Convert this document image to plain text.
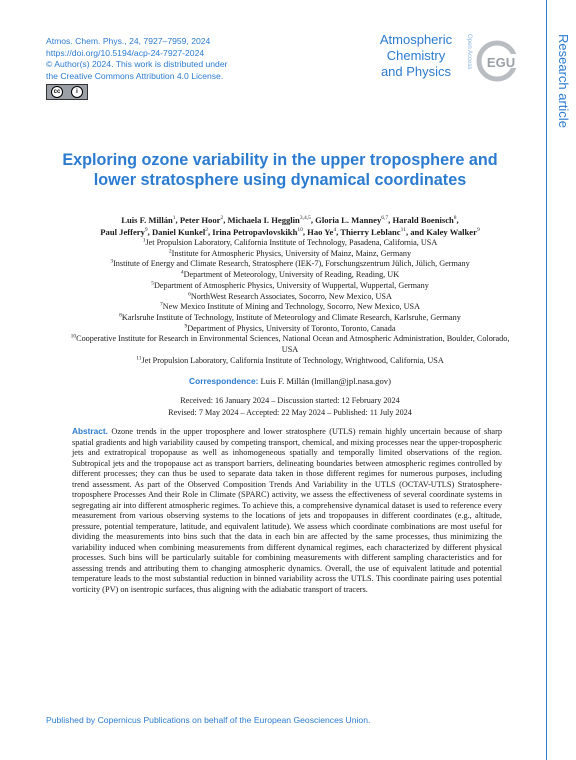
Atmos. Chem. Phys., 24, 7927–7959, 2024
https://doi.org/10.5194/acp-24-7927-2024
© Author(s) 2024. This work is distributed under
the Creative Commons Attribution 4.0 License.
cc	i
Atmospheric
Chemistry
and Physics
Open Access EGU	Research article
Exploring ozone variability in the upper troposphere and lower stratosphere using dynamical coordinates
Luis F. Millán$^1$, Peter Hoor$^2$, Michaela I. Hegglin$^{3,4,5}$, Gloria L. Manney$^{6,7}$, Harald Boenisch$^8$,
Paul Jeffery$^9$, Daniel Kunkel$^2$, Irina Petropavlovskikh$^{10}$, Hao Ye$^4$, Thierry Leblanc$^{11}$, and Kaley Walker$^9$
$^1$Jet Propulsion Laboratory, California Institute of Technology, Pasadena, California, USA
$^2$Institute for Atmospheric Physics, University of Mainz, Mainz, Germany
$^3$Institute of Energy and Climate Research, Stratosphere (IEK-7), Forschungszentrum Jülich, Jülich, Germany
$^4$Department of Meteorology, University of Reading, Reading, UK
$^5$Department of Atmospheric Physics, University of Wuppertal, Wuppertal, Germany
$^6$NorthWest Research Associates, Socorro, New Mexico, USA
$^7$New Mexico Institute of Mining and Technology, Socorro, New Mexico, USA
$^8$Karlsruhe Institute of Technology, Institute of Meteorology and Climate Research, Karlsruhe, Germany
$^9$Department of Physics, University of Toronto, Toronto, Canada
$^{10}$Cooperative Institute for Research in Environmental Sciences, National Ocean and Atmospheric Administration, Boulder, Colorado, USA
$^{11}$Jet Propulsion Laboratory, California Institute of Technology, Wrightwood, California, USA
Correspondence: Luis F. Millán (lmillan@jpl.nasa.gov)
Received: 16 January 2024 – Discussion started: 12 February 2024
Revised: 7 May 2024 – Accepted: 22 May 2024 – Published: 11 July 2024
Abstract. Ozone trends in the upper troposphere and lower stratosphere (UTLS) remain highly uncertain because of sharp spatial gradients and high variability caused by competing transport, chemical, and mixing processes near the upper-tropospheric jets and extratropical tropopause as well as inhomogeneous spatially and temporally limited observations of the region. Subtropical jets and the tropopause act as transport barriers, delineating boundaries between atmospheric regimes controlled by different processes; they can thus be used to separate data taken in those different regimes for numerous purposes, including trend assessment. As part of the Observed Composition Trends And Variability in the UTLS (OCTAV-UTLS) Stratosphere-troposphere Processes And their Role in Climate (SPARC) activity, we assess the effectiveness of several coordinate systems in segregating air into different atmospheric regimes. To achieve this, a comprehensive dynamical dataset is used to reference every measurement from various observing systems to the locations of jets and tropopauses in different coordinates (e.g., altitude, pressure, potential temperature, latitude, and equivalent latitude). We assess which coordinate combinations are most useful for dividing the measurements into bins such that the data in each bin are affected by the same processes, thus minimizing the variability induced when combining measurements from different dynamical regimes, each characterized by different physical processes. Such bins will be particularly suitable for combining measurements with different sampling characteristics and for assessing trends and attributing them to changing atmospheric dynamics. Overall, the use of equivalent latitude and potential temperature leads to the most substantial reduction in binned variability across the UTLS. This coordinate pairing uses potential vorticity (PV) on isentropic surfaces, thus aligning with the adiabatic transport of tracers.
Published by Copernicus Publications on behalf of the European Geosciences Union.
